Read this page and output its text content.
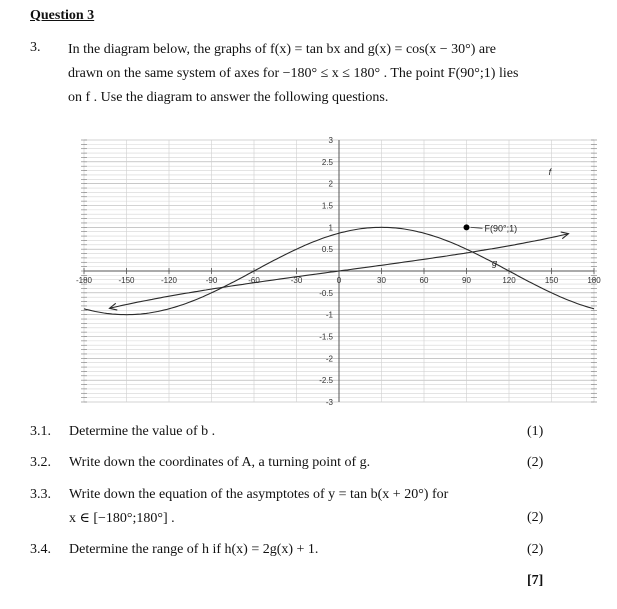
Question 3
3. In the diagram below, the graphs of f(x) = tan bx and g(x) = cos(x − 30°) are
drawn on the same system of axes for −180° ≤ x ≤ 180° . The point F(90°;1) lies
on f . Use the diagram to answer the following questions.
-180	-150	-120	-90	-60	-30	0	30	60	90	120	150	180
3
2.5
2
1.5
1
0.5
-0.5
-1
-1.5
-2
-2.5
-3
f
g
F(90°;1)
3.1. Determine the value of b .	(1)
3.2. Write down the coordinates of A, a turning point of g.	(2)
3.3. Write down the equation of the asymptotes of y = tan b(x + 20°) for
x ∈ [−180°;180°] .	(2)
3.4. Determine the range of h if h(x) = 2g(x) + 1.	(2)
[7]
